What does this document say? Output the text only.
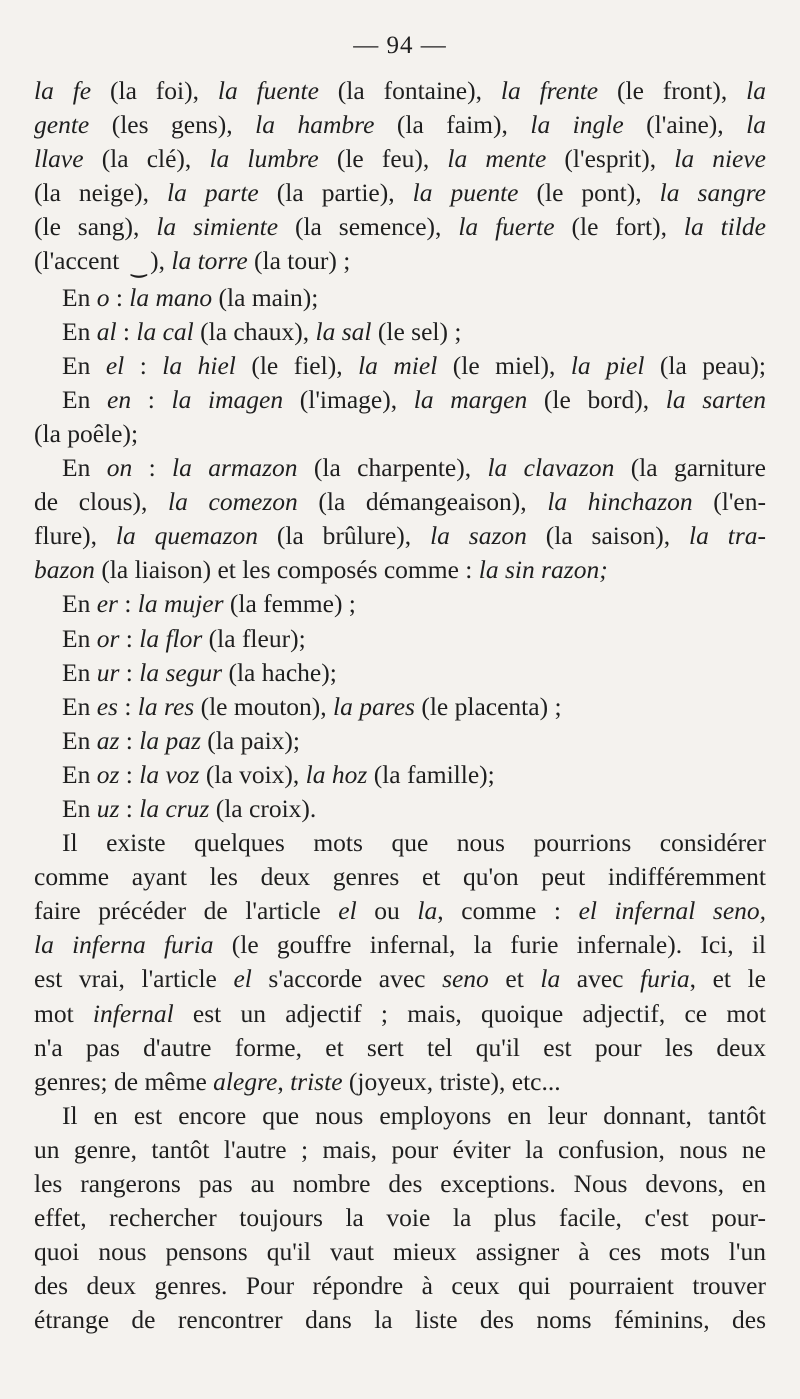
— 94 —
la fe (la foi), la fuente (la fontaine), la frente (le front), la
gente (les gens), la hambre (la faim), la ingle (l'aine), la
llave (la clé), la lumbre (le feu), la mente (l'esprit), la nieve
(la neige), la parte (la partie), la puente (le pont), la sangre
(le sang), la simiente (la semence), la fuerte (le fort), la tilde
(l'accent ‿ ), la torre (la tour) ;
En o : la mano (la main);
En al : la cal (la chaux), la sal (le sel) ;
En el : la hiel (le fiel), la miel (le miel), la piel (la peau);
En en : la imagen (l'image), la margen (le bord), la sarten
(la poêle);
En on : la armazon (la charpente), la clavazon (la garniture
de clous), la comezon (la démangeaison), la hinchazon (l'en-
flure), la quemazon (la brûlure), la sazon (la saison), la tra-
bazon (la liaison) et les composés comme : la sin razon;
En er : la mujer (la femme) ;
En or : la flor (la fleur);
En ur : la segur (la hache);
En es : la res (le mouton), la pares (le placenta) ;
En az : la paz (la paix);
En oz : la voz (la voix), la hoz (la famille);
En uz : la cruz (la croix).
Il existe quelques mots que nous pourrions considérer
comme ayant les deux genres et qu'on peut indifféremment
faire précéder de l'article el ou la, comme : el infernal seno,
la inferna furia (le gouffre infernal, la furie infernale). Ici, il
est vrai, l'article el s'accorde avec seno et la avec furia, et le
mot infernal est un adjectif ; mais, quoique adjectif, ce mot
n'a pas d'autre forme, et sert tel qu'il est pour les deux
genres; de même alegre, triste (joyeux, triste), etc...
Il en est encore que nous employons en leur donnant, tantôt
un genre, tantôt l'autre ; mais, pour éviter la confusion, nous ne
les rangerons pas au nombre des exceptions. Nous devons, en
effet, rechercher toujours la voie la plus facile, c'est pour-
quoi nous pensons qu'il vaut mieux assigner à ces mots l'un
des deux genres. Pour répondre à ceux qui pourraient trouver
étrange de rencontrer dans la liste des noms féminins, des
